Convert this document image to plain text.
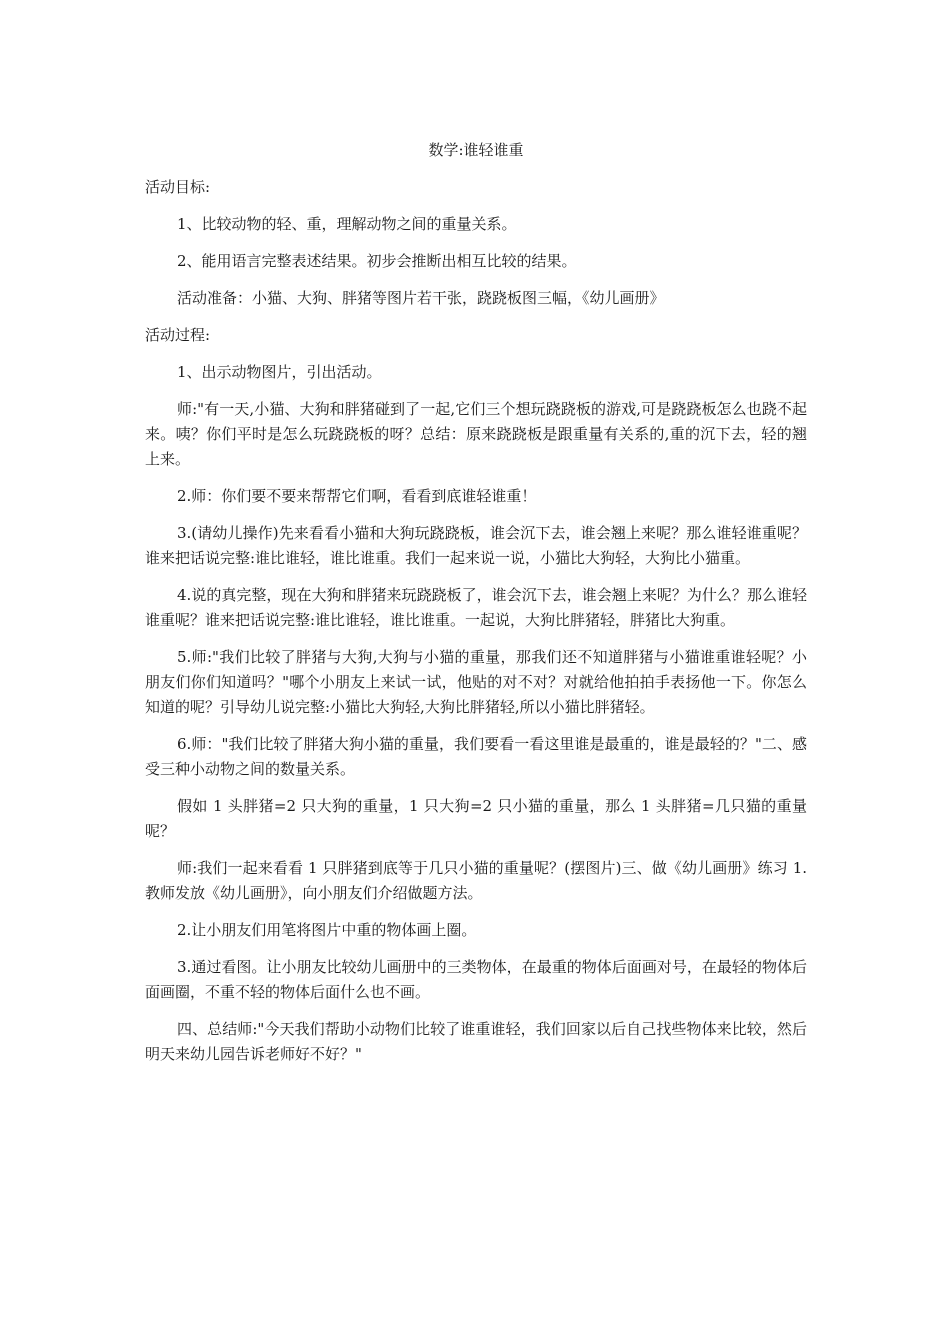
数学:谁轻谁重
活动目标:

1、比较动物的轻、重，理解动物之间的重量关系。

2、能用语言完整表述结果。初步会推断出相互比较的结果。

活动准备：小猫、大狗、胖猪等图片若干张，跷跷板图三幅，《幼儿画册》

活动过程:

1、出示动物图片，引出活动。

师:"有一天,小猫、大狗和胖猪碰到了一起,它们三个想玩跷跷板的游戏,可是跷跷板怎么也跷不起来。咦？你们平时是怎么玩跷跷板的呀？总结：原来跷跷板是跟重量有关系的,重的沉下去，轻的翘上来。

2.师：你们要不要来帮帮它们啊，看看到底谁轻谁重！

3.(请幼儿操作)先来看看小猫和大狗玩跷跷板，谁会沉下去，谁会翘上来呢？那么谁轻谁重呢？谁来把话说完整:谁比谁轻，谁比谁重。我们一起来说一说，小猫比大狗轻，大狗比小猫重。

4.说的真完整，现在大狗和胖猪来玩跷跷板了，谁会沉下去，谁会翘上来呢？为什么？那么谁轻谁重呢？谁来把话说完整:谁比谁轻，谁比谁重。一起说，大狗比胖猪轻，胖猪比大狗重。

5.师:"我们比较了胖猪与大狗,大狗与小猫的重量，那我们还不知道胖猪与小猫谁重谁轻呢？小朋友们你们知道吗？"哪个小朋友上来试一试，他贴的对不对？对就给他拍拍手表扬他一下。你怎么知道的呢？引导幼儿说完整:小猫比大狗轻,大狗比胖猪轻,所以小猫比胖猪轻。

6.师："我们比较了胖猪大狗小猫的重量，我们要看一看这里谁是最重的，谁是最轻的？"二、感受三种小动物之间的数量关系。

假如 1 头胖猪=2 只大狗的重量，1 只大狗=2 只小猫的重量，那么 1 头胖猪=几只猫的重量呢？

师:我们一起来看看 1 只胖猪到底等于几只小猫的重量呢？(摆图片)三、做《幼儿画册》练习 1.教师发放《幼儿画册》，向小朋友们介绍做题方法。

2.让小朋友们用笔将图片中重的物体画上圈。

3.通过看图。让小朋友比较幼儿画册中的三类物体，在最重的物体后面画对号，在最轻的物体后面画圈，不重不轻的物体后面什么也不画。

四、总结师:"今天我们帮助小动物们比较了谁重谁轻，我们回家以后自己找些物体来比较，然后明天来幼儿园告诉老师好不好？"
